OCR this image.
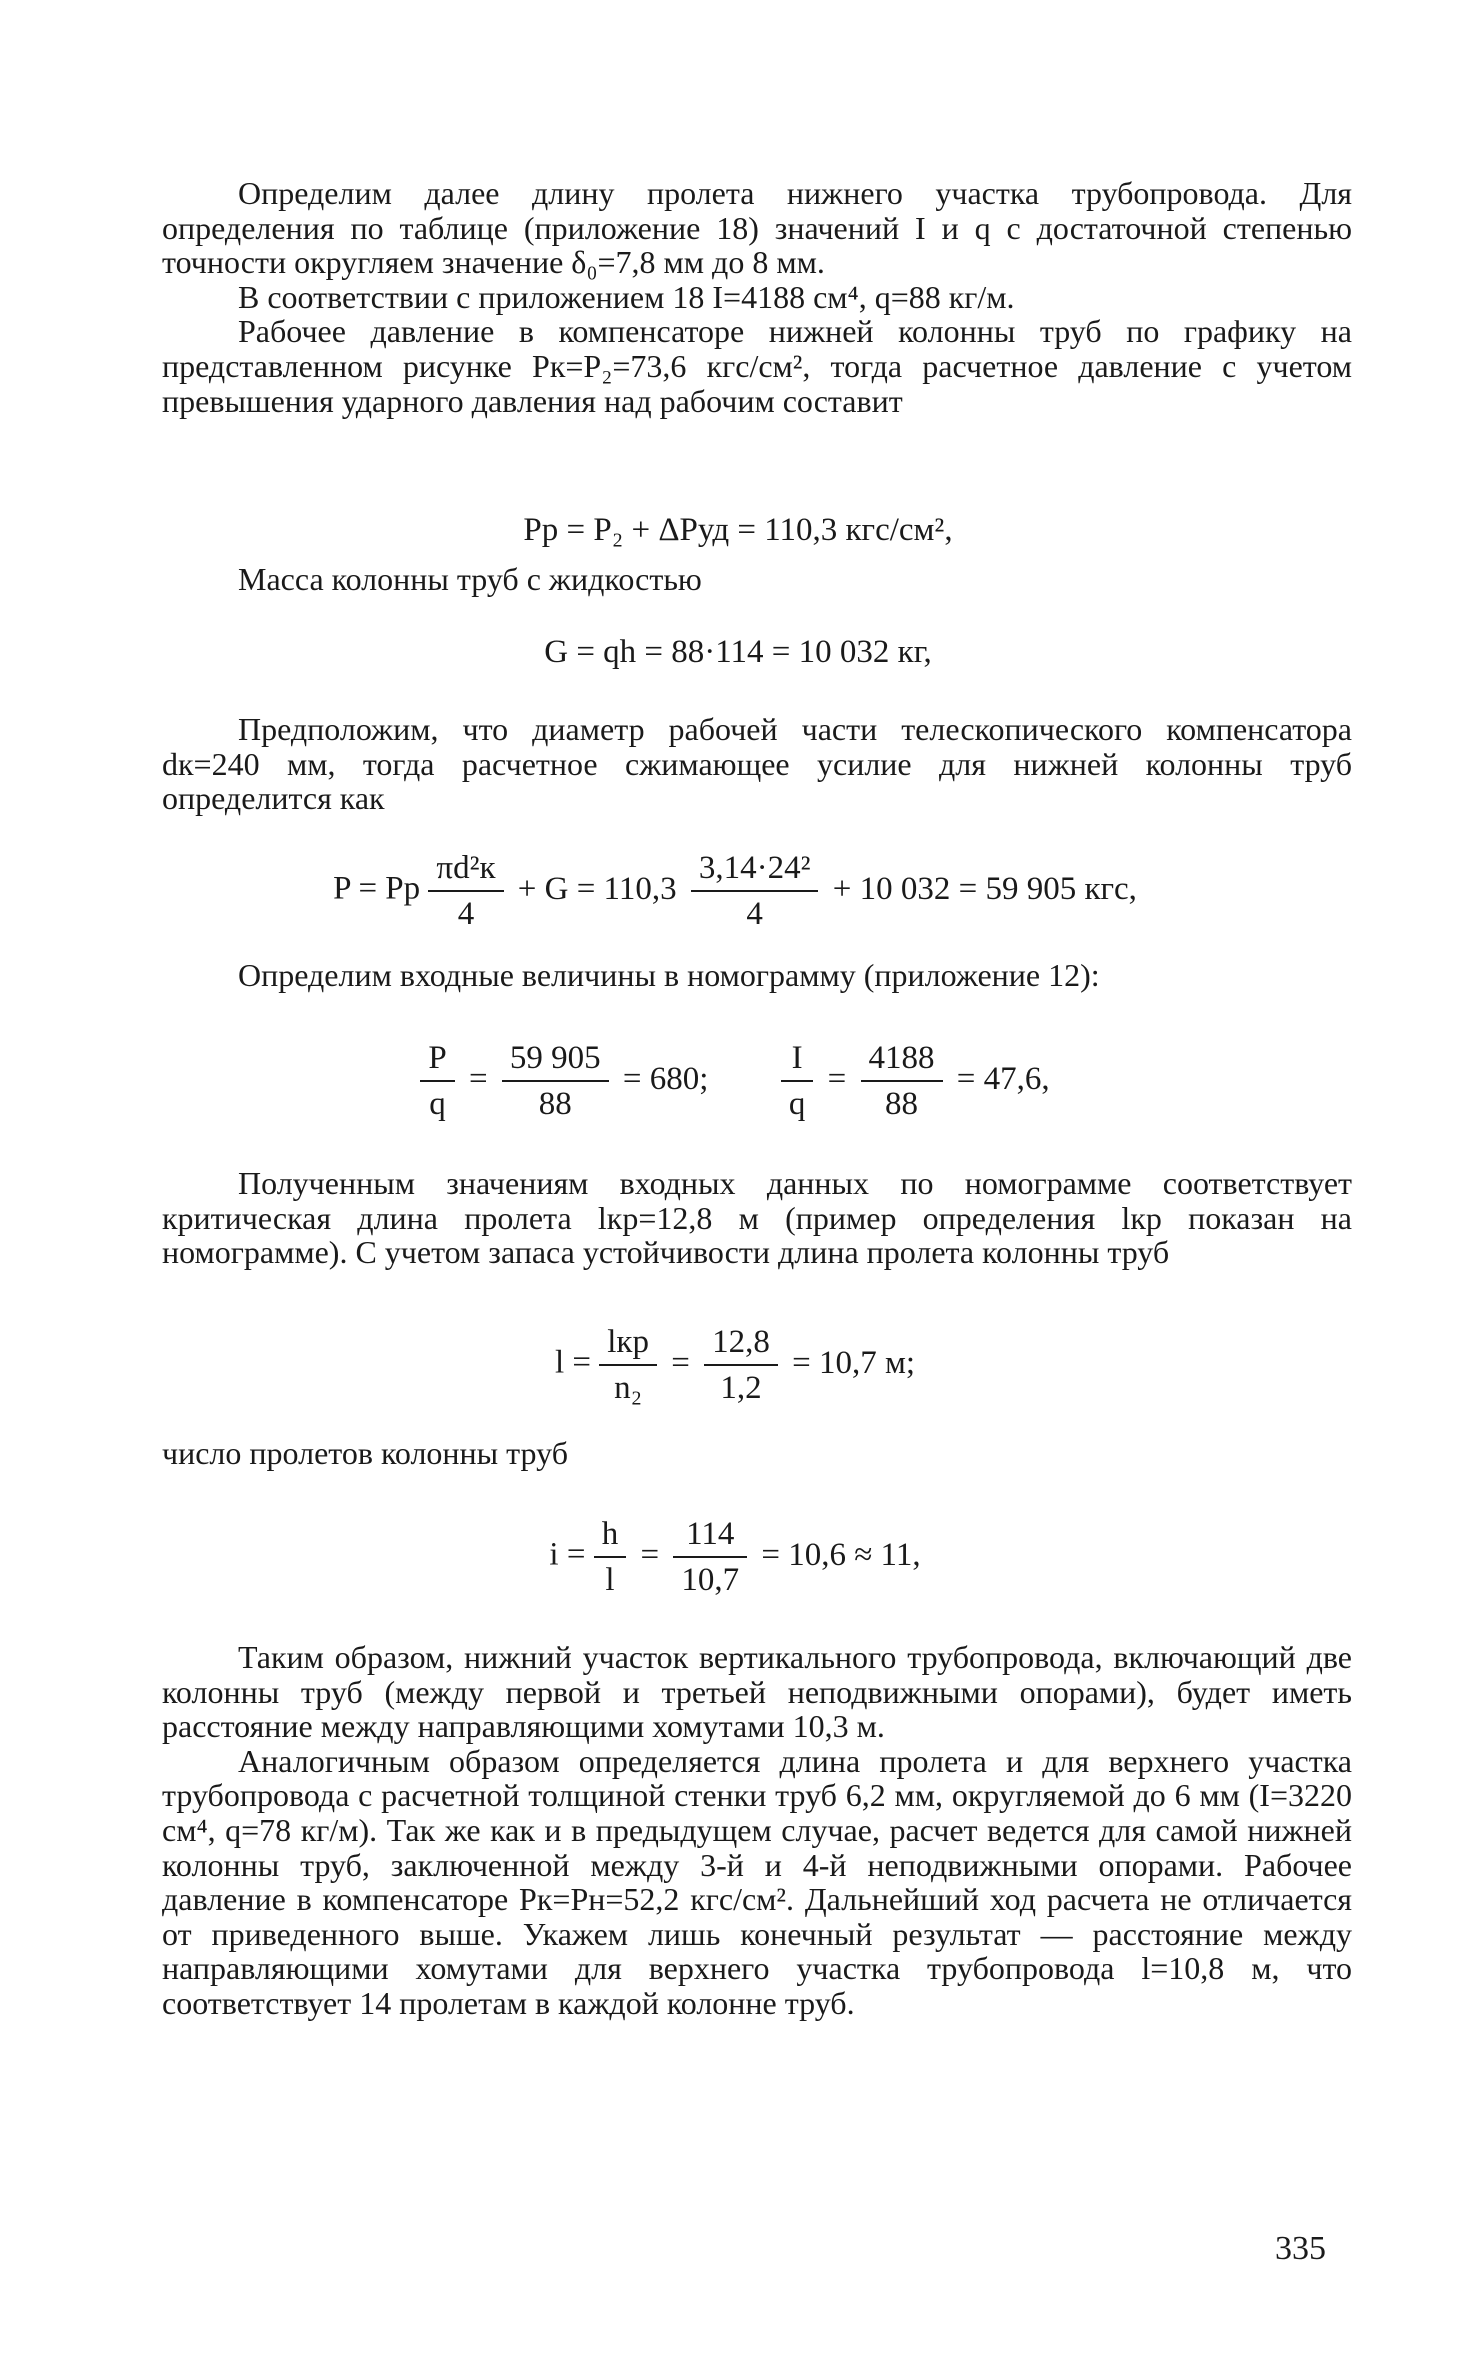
Определим далее длину пролета нижнего участка трубопровода. Для определения по таблице (приложение 18) значений I и q с достаточной степенью точности округляем значение δ₀=7,8 мм до 8 мм.

В соответствии с приложением 18 I=4188 см⁴, q=88 кг/м.

Рабочее давление в компенсаторе нижней колонны труб по графику на представленном рисунке Pк=P₂=73,6 кгс/см², тогда расчетное давление с учетом превышения ударного давления над рабочим составит

Pp = P₂ + ΔPуд = 110,3 кгс/см²,

Масса колонны труб с жидкостью

G = qh = 88·114 = 10 032 кг,

Предположим, что диаметр рабочей части телескопического компенсатора dк=240 мм, тогда расчетное сжимающее усилие для нижней колонны труб определится как

P = Pp $\frac{\text{πd²к}}{4} + G = 110,3 \frac{\text{3,14·24²}}{4} + 10$ 032 = 59 905 кгс,

Определим входные величины в номограмму (приложение 12):

$\frac{P}{q} = \frac{59 905}{88} = 680$; $\frac{I}{q} = \frac{4188}{88} = 47,6$,

Полученным значениям входных данных по номограмме соответствует критическая длина пролета lкр=12,8 м (пример определения lкр показан на номограмме). С учетом запаса устойчивости длина пролета колонны труб

$l = \frac{\text{lкр}}{\text{n₂}} = \frac{12,8}{1,2} = 10,7$ м;

число пролетов колонны труб

$i = \frac{h}{l} = \frac{114}{10,7} = 10,6 \approx 11$,

Таким образом, нижний участок вертикального трубопровода, включающий две колонны труб (между первой и третьей неподвижными опорами), будет иметь расстояние между направляющими хомутами 10,3 м.

Аналогичным образом определяется длина пролета и для верхнего участка трубопровода с расчетной толщиной стенки труб 6,2 мм, округляемой до 6 мм (I=3220 см⁴, q=78 кг/м). Так же как и в предыдущем случае, расчет ведется для самой нижней колонны труб, заключенной между 3-й и 4-й неподвижными опорами. Рабочее давление в компенсаторе Pк=Pн=52,2 кгс/см². Дальнейший ход расчета не отличается от приведенного выше. Укажем лишь конечный результат — расстояние между направляющими хомутами для верхнего участка трубопровода l=10,8 м, что соответствует 14 пролетам в каждой колонне труб.

335
